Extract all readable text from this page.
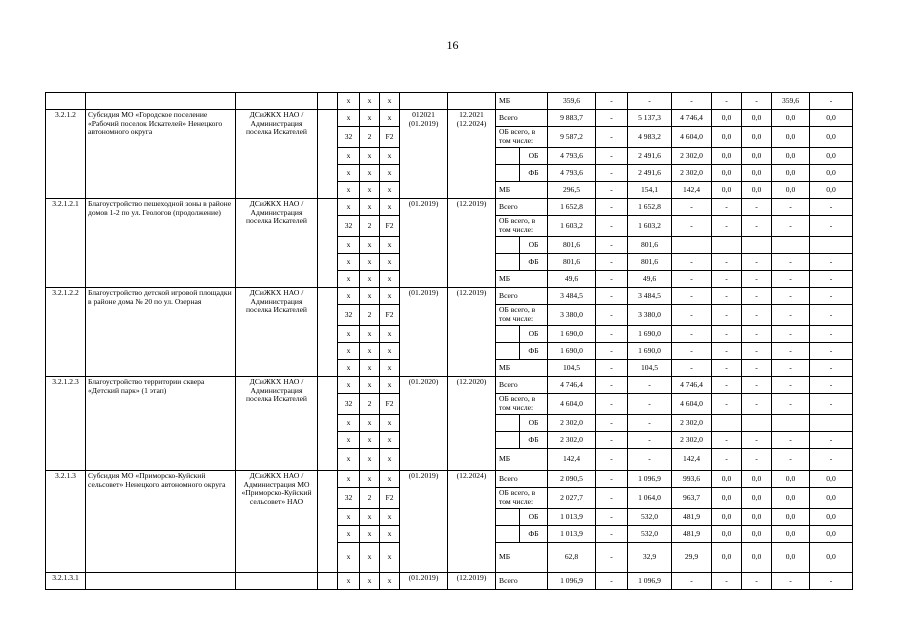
16
				x	x	x			МБ		359,6	-	-	-	-	-	359,6	-
3.2.1.2	Субсидия МО «Городское поселение «Рабочий поселок Искателей» Ненецкого автономного округа	ДСиЖКХ НАО / Администрация поселка Искателей		x	x	x	012021 (01.2019)	12.2021 (12.2024)	Всего		9 883,7	-	5 137,3	4 746,4	0,0	0,0	0,0	0,0
				32	2	F2			ОБ всего, в том числе:		9 587,2	-	4 983,2	4 604,0	0,0	0,0	0,0	0,0
				x	x	x				ОБ	4 793,6	-	2 491,6	2 302,0	0,0	0,0	0,0	0,0
				x	x	x				ФБ	4 793,6	-	2 491,6	2 302,0	0,0	0,0	0,0	0,0
				x	x	x			МБ		296,5	-	154,1	142,4	0,0	0,0	0,0	0,0
3.2.1.2.1	Благоустройство пешеходной зоны в районе домов 1-2 по ул. Геологов (продолжение)	ДСиЖКХ НАО / Администрация поселка Искателей		x	x	x	(01.2019)	(12.2019)	Всего		1 652,8	-	1 652,8	-	-	-	-	-
				32	2	F2			ОБ всего, в том числе:		1 603,2	-	1 603,2	-	-	-	-	-
				x	x	x				ОБ	801,6	-	801,6					
				x	x	x				ФБ	801,6	-	801,6	-	-	-	-	-
				x	x	x			МБ		49,6	-	49,6	-	-	-	-	-
3.2.1.2.2	Благоустройство детской игровой площадки в районе дома № 20 по ул. Озерная	ДСиЖКХ НАО / Администрация поселка Искателей		x	x	x	(01.2019)	(12.2019)	Всего		3 484,5	-	3 484,5	-	-	-	-	-
				32	2	F2			ОБ всего, в том числе:		3 380,0	-	3 380,0	-	-	-	-	-
				x	x	x				ОБ	1 690,0	-	1 690,0	-	-	-	-	-
				x	x	x				ФБ	1 690,0	-	1 690,0	-	-	-	-	-
				x	x	x			МБ		104,5	-	104,5	-	-	-	-	-
3.2.1.2.3	Благоустройство территории сквера «Детский парк» (1 этап)	ДСиЖКХ НАО / Администрация поселка Искателей		x	x	x	(01.2020)	(12.2020)	Всего		4 746,4	-	-	4 746,4	-	-	-	-
				32	2	F2			ОБ всего, в том числе:		4 604,0	-	-	4 604,0	-	-	-	-
				x	x	x				ОБ	2 302,0	-	-	2 302,0				
				x	x	x				ФБ	2 302,0	-	-	2 302,0	-	-	-	-
				x	x	x			МБ		142,4	-	-	142,4	-	-	-	-
3.2.1.3	Субсидия МО «Приморско-Куйский сельсовет» Ненецкого автономного округа	ДСиЖКХ НАО / Администрация МО «Приморско-Куйский сельсовет» НАО		x	x	x	(01.2019)	(12.2024)	Всего		2 090,5	-	1 096,9	993,6	0,0	0,0	0,0	0,0
				32	2	F2			ОБ всего, в том числе:		2 027,7	-	1 064,0	963,7	0,0	0,0	0,0	0,0
				x	x	x				ОБ	1 013,9	-	532,0	481,9	0,0	0,0	0,0	0,0
				x	x	x				ФБ	1 013,9	-	532,0	481,9	0,0	0,0	0,0	0,0
				x	x	x			МБ		62,8	-	32,9	29,9	0,0	0,0	0,0	0,0
3.2.1.3.1				x	x	x	(01.2019)	(12.2019)	Всего		1 096,9	-	1 096,9	-	-	-	-	-
